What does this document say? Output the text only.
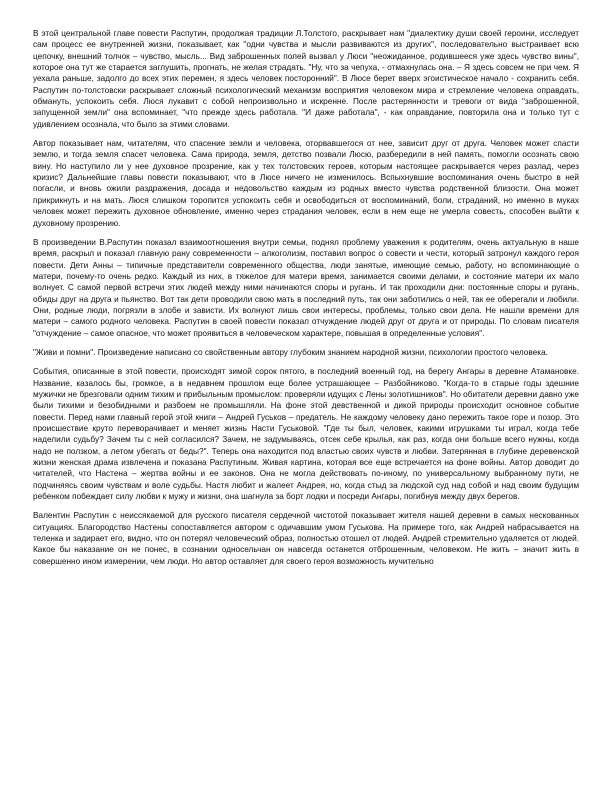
В этой центральной главе повести Распутин, продолжая традиции Л.Толстого, раскрывает нам "диалектику души своей героини, исследует сам процесс ее внутренней жизни, показывает, как "одни чувства и мысли развиваются из других", последовательно выстраивает всю цепочку, внешний толчок – чувство, мысль... Вид заброшенных полей вызвал у Люси "неожиданное, родившееся уже здесь чувство вины", которое она тут же старается заглушить, прогнать, не желая страдать. "Ну, что за чепуха, - отмахнулась она. – Я здесь совсем не при чем. Я уехала раньше, задолго до всех этих перемен, я здесь человек посторонний". В Люсе берет вверх эгоистическое начало - сохранить себя. Распутин по-толстовски раскрывает сложный психологический механизм восприятия человеком мира и стремление человека оправдать, обмануть, успокоить себя. Люся лукавит с собой непроизвольно и искренне. После растерянности и тревоги от вида "заброшенной, запущенной земли" она вспоминает, "что прежде здесь работала. "И даже работала", - как оправдание, повторила она и только тут с удивлением осознала, что было за этими словами.

Автор показывает нам, читателям, что спасение земли и человека, оторвавшегося от нее, зависит друг от друга. Человек может спасти землю, и тогда земля спасет человека. Сама природа, земля, детство позвали Люсю, разбередили в ней память, помогли осознать свою вину. Но наступило ли у нее духовное прозрение, как у тех толстовских героев, которым настоящее раскрывается через разлад, через кризис? Дальнейшие главы повести показывают, что в Люсе ничего не изменилось. Вспыхнувшие воспоминания очень быстро в ней погасли, и вновь ожили раздражения, досада и недовольство каждым из родных вместо чувства родственной близости. Она может прикрикнуть и на мать. Люся слишком торопится успокоить себя и освободиться от воспоминаний, боли, страданий, но именно в муках человек может пережить духовное обновление, именно через страдания человек, если в нем еще не умерла совесть, способен выйти к духовному прозрению.

В произведении В.Распутин показал взаимоотношения внутри семьи, поднял проблему уважения к родителям, очень актуальную в наше время, раскрыл и показал главную рану современности – алкоголизм, поставил вопрос о совести и чести, который затронул каждого героя повести. Дети Анны – типичные представители современного общества, люди занятые, имеющие семью, работу, но вспоминающие о матери, почему-то очень редко. Каждый из них, в тяжелое для матери время, занимается своими делами, и состояние матери их мало волнует. С самой первой встречи этих людей между ними начинаются споры и ругань. И так проходили дни: постоянные споры и ругань, обиды друг на друга и пьянство. Вот так дети проводили свою мать в последний путь, так они заботились о ней, так ее оберегали и любили. Они, родные люди, погрязли в злобе и зависти. Их волнуют лишь свои интересы, проблемы, только свои дела. Не нашли времени для матери – самого родного человека. Распутин в своей повести показал отчуждение людей друг от друга и от природы. По словам писателя "отчуждение – самое опасное, что может проявиться в человеческом характере, повышая в определенные условия".

"Живи и помни". Произведение написано со свойственным автору глубоким знанием народной жизни, психологии простого человека.

События, описанные в этой повести, происходят зимой сорок пятого, в последний военный год, на берегу Ангары в деревне Атамановке. Название, казалось бы, громкое, а в недавнем прошлом еще более устрашающее – Разбойниково. "Когда-то в старые годы здешние мужички не брезговали одним тихим и прибыльным промыслом: проверяли идущих с Лены золотишников". Но обитатели деревни давно уже были тихими и безобидными и разбоем не промышляли. На фоне этой девственной и дикой природы происходит основное событие повести. Перед нами главный герой этой книги – Андрей Гуськов – предатель. Не каждому человеку дано пережить такое горе и позор. Это происшествие круто переворачивает и меняет жизнь Насти Гуськовой. "Где ты был, человек, какими игрушками ты играл, когда тебе наделили судьбу? Зачем ты с ней согласился? Зачем, не задумываясь, отсек себе крылья, как раз, когда они больше всего нужны, когда надо не ползком, а летом убегать от беды?". Теперь она находится под властью своих чувств и любви. Затерянная в глубине деревенской жизни женская драма извлечена и показана Распутиным. Живая картина, которая все еще встречается на фоне войны. Автор доводит до читателей, что Настена – жертва войны и ее законов. Она не могла действовать по-иному, по универсальному выбранному пути, не подчиняясь своим чувствам и воле судьбы. Настя любит и жалеет Андрея, но, когда стыд за людской суд над собой и над своим будущим ребенком побеждает силу любви к мужу и жизни, она шагнула за борт лодки и посреди Ангары, погибнув между двух берегов.

Валентин Распутин с неиссякаемой для русского писателя сердечной чистотой показывает жителя нашей деревни в самых нескованных ситуациях. Благородство Настены сопоставляется автором с одичавшим умом Гуськова. На примере того, как Андрей набрасывается на теленка и задирает его, видно, что он потерял человеческий образ, полностью отошел от людей. Андрей стремительно удаляется от людей. Какое бы наказание он не понес, в сознании односельчан он навсегда останется отброшенным, человеком. Не жить – значит жить в совершенно ином измерении, чем люди. Но автор оставляет для своего героя возможность мучительно
